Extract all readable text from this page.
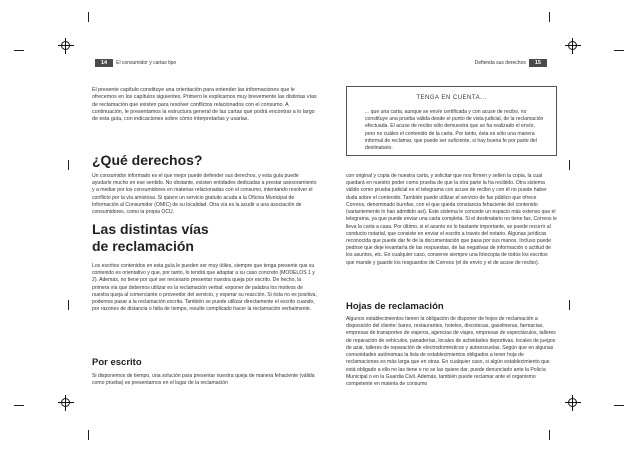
14	El consumidor y cartas tipo
El presente capítulo constituye una orientación para entender las informaciones que le ofrecemos en los capítulos siguientes. Primero le explicamos muy brevemente las distintas vías de reclamación que existen para resolver conflictos relacionados con el consumo. A continuación, le presentamos la estructura general de las cartas que podrá encontrar a lo largo de esta guía, con indicaciones sobre cómo interpretarlas y usarlas.
¿Qué derechos?
Un consumidor informado es el que mejor puede defender sus derechos, y esta guía puede ayudarle mucho en ese sentido. No obstante, existen entidades dedicadas a prestar asesoramiento y a mediar por los consumidores en materias relacionadas con el consumo, intentando resolver el conflicto por la vía amistosa. Si quiere un servicio gratuito acuda a la Oficina Municipal de Información al Consumidor (OMIC) de su localidad. Otra vía es la acudir a una asociación de consumidores, como la propia OCU.
Las distintas vías
de reclamación
Los escritos contenidos en esta guía le pueden ser muy útiles, siempre que tenga presente que su contenido es orientativo y que, por tanto, lo tendrá que adaptar a su caso concreto (MODELOS 1 y 2). Además, no tiene por qué ser necesario presentar nuestra queja por escrito. De hecho, la primera vía que debemos utilizar es la reclamación verbal: exponer de palabra los motivos de nuestra queja al comerciante o proveedor del servicio, y esperar su reacción. Si ésta no es positiva, podemos pasar a la reclamación escrita. También se puede utilizar directamente el escrito cuando, por razones de distancia o falta de tiempo, resulte complicado hacer la reclamación verbalmente.
Por escrito
Si disponemos de tiempo, una solución para presentar nuestra queja de manera fehaciente (válida como prueba) es presentarnos en el lugar de la reclamación
Defienda sus derechos	15
TENGA EN CUENTA...
... que una carta, aunque se envíe certificada y con acuse de recibo, no constituye una prueba válida desde el punto de vista judicial, de la reclamación efectuada. El acuse de recibo sólo demuestra que se ha realizado el envío, pero no cuáles el contenido de la carta. Por tanto, ésta es sólo una manera informal de reclamar, que puede ser suficiente, si hay buena fe por parte del destinatario.
con original y copia de nuestra carta, y solicitar que nos firmen y sellen la copia, la cual quedará en nuestro poder como prueba de que la otra parte la ha recibido. Otra sistema válido como prueba judicial es el telegrama con acuse de recibo y con él no puede haber duda sobre el contenido. También puede utilizar el servicio de fax público que ofrece Correos, denominado burofax, con el que queda constancia fehaciente del contenido (variantemente lo han admitido así). Este sistema le concede un espacio más extenso que el telegrama, ya que puede enviar una carta completa. Si el destinatario no tiene fax, Correos le lleva la carta a casa. Por último, si el asunto es lo bastante importante, se puede recurrir al conducto notarial, que consiste en enviar el escrito a través del notario. Algunas jurídicas reconocida que puede dar fe de la documentación que pasa por sus manos. Incluso puede pedirse que deje levantaría de las respuestas, de las negativas de información o actitud de los asuntos, etc. En cualquier caso, conserve siempre una fotocopia de todos los escritos que mande y guarde los resguardos de Correos (el de envío y el de acuse de recibo).
Hojas de reclamación
Algunos establecimientos tienen la obligación de disponer de hojes de reclamación a disposición del cliente: bares, restaurantes, hoteles, discotecas, gasolineras, farmacias, empresas de transportes de viajeros, agencias de viajes, empresas de espectáculos, talleres de reparación de vehículos, panaderías, locales de actividades deportivas, locales de juegos de azar, talleres de reparación de electrodomésticos y autoescuelas. Según que en algunas comunidades autónomas la lista de establecimientos obligados a tener hoja de reclamaciones es más larga que en otras. En cualquier caso, si algún establecimiento que está obligado a ello no las tiene o no se las quiere dar, puede denunciarlo ante la Policía Municipal o en la Guardia Civil. Además, también puede reclamar ante el organismo competente en materia de consumo
